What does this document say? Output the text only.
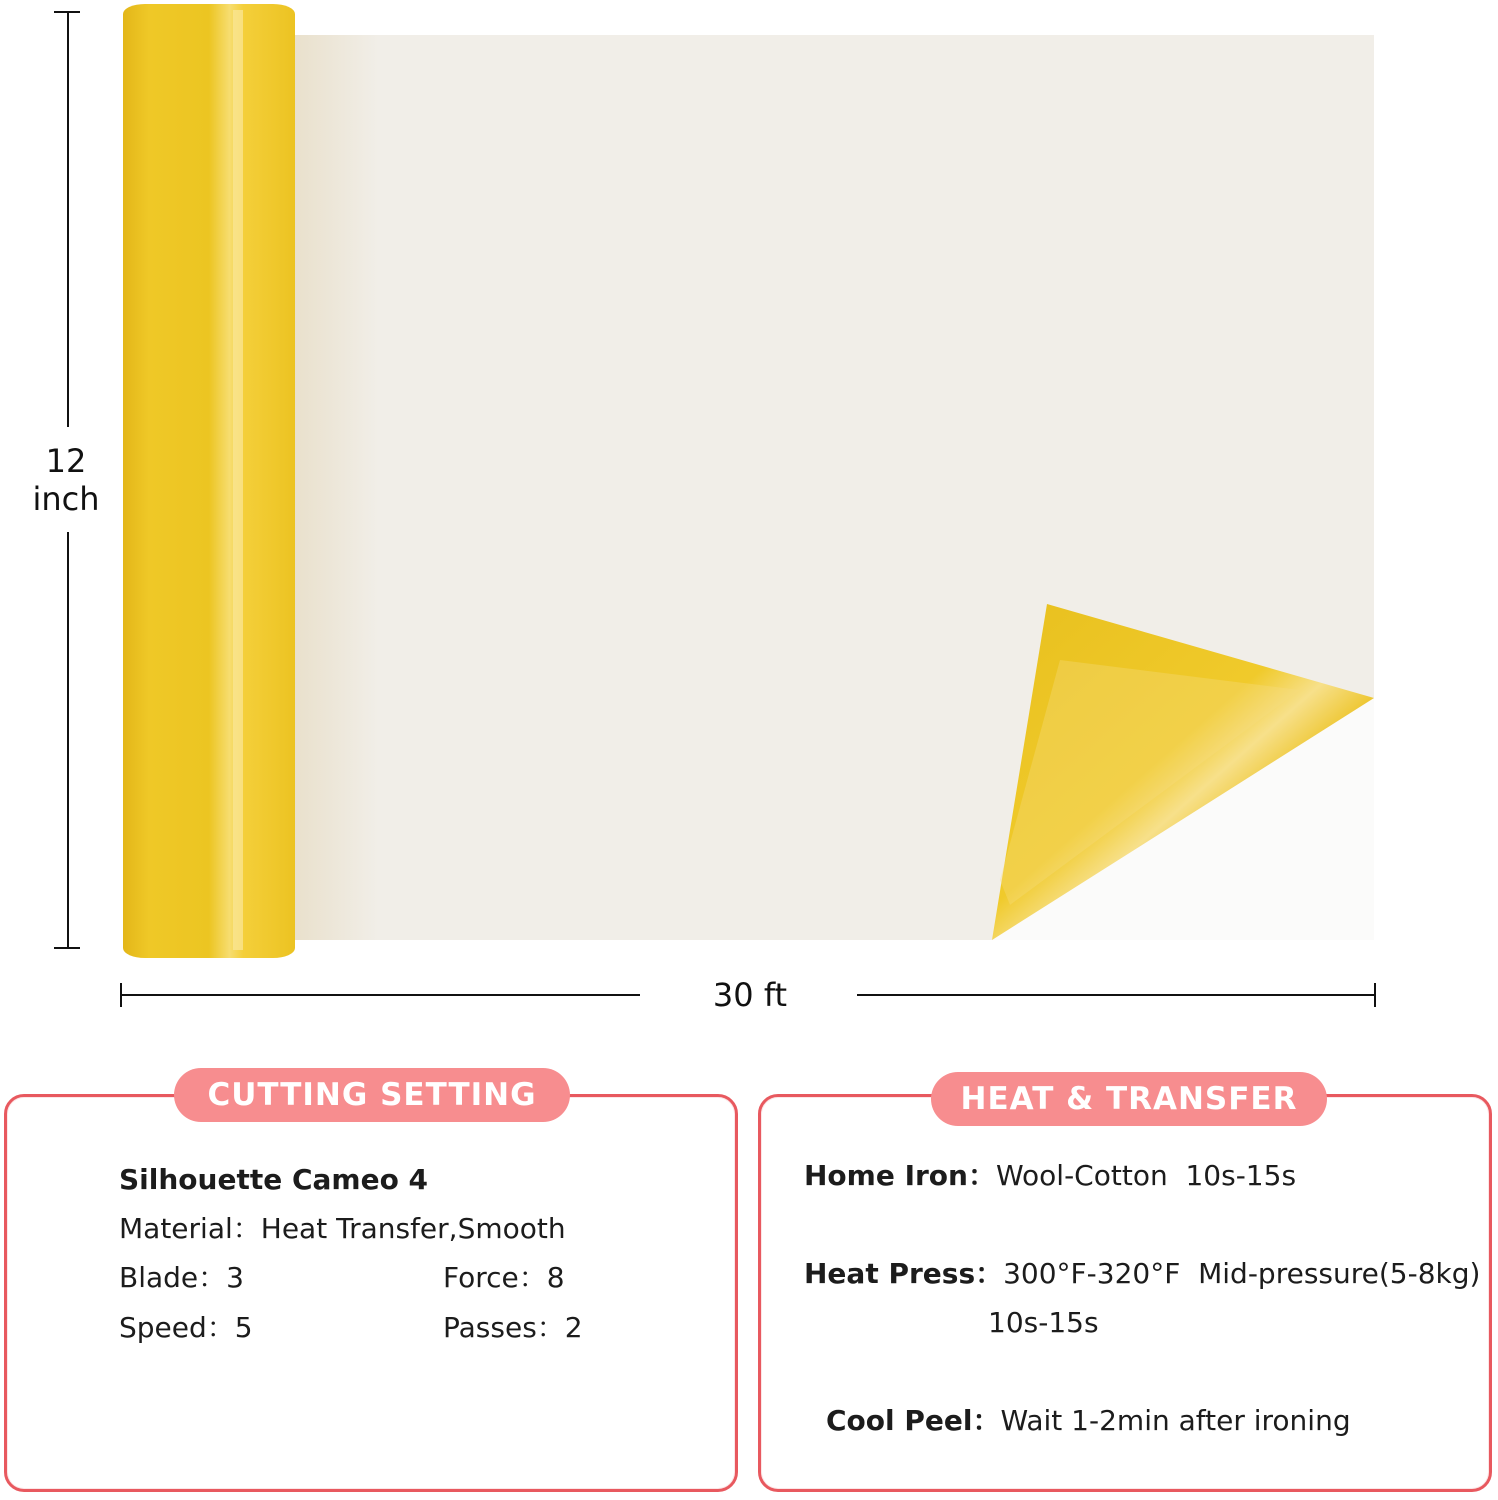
12
inch
30 ft
CUTTING SETTING
Silhouette Cameo 4
Material：Heat Transfer,Smooth
Blade：3	Force：8
Speed：5	Passes：2
HEAT & TRANSFER
Home Iron：Wool-Cotton  10s-15s
Heat Press：300°F-320°F  Mid-pressure(5-8kg)
10s-15s
Cool Peel：Wait 1-2min after ironing
